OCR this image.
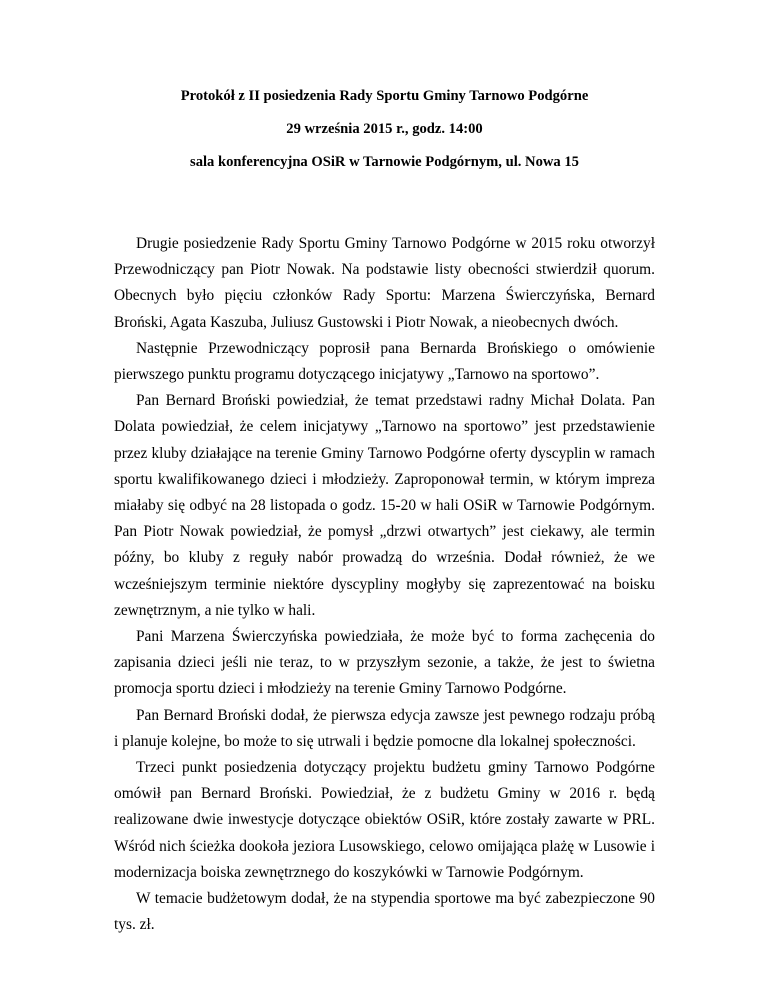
Protokół z II posiedzenia Rady Sportu Gminy Tarnowo Podgórne

29 września 2015 r., godz. 14:00

sala konferencyjna OSiR w Tarnowie Podgórnym, ul. Nowa 15

Drugie posiedzenie Rady Sportu Gminy Tarnowo Podgórne w 2015 roku otworzył Przewodniczący pan Piotr Nowak. Na podstawie listy obecności stwierdził quorum. Obecnych było pięciu członków Rady Sportu: Marzena Świerczyńska, Bernard Broński, Agata Kaszuba, Juliusz Gustowski i Piotr Nowak, a nieobecnych dwóch.

Następnie Przewodniczący poprosił pana Bernarda Brońskiego o omówienie pierwszego punktu programu dotyczącego inicjatywy „Tarnowo na sportowo”.

Pan Bernard Broński powiedział, że temat przedstawi radny Michał Dolata. Pan Dolata powiedział, że celem inicjatywy „Tarnowo na sportowo” jest przedstawienie przez kluby działające na terenie Gminy Tarnowo Podgórne oferty dyscyplin w ramach sportu kwalifikowanego dzieci i młodzieży. Zaproponował termin, w którym impreza miałaby się odbyć na 28 listopada o godz. 15-20 w hali OSiR w Tarnowie Podgórnym. Pan Piotr Nowak powiedział, że pomysł „drzwi otwartych” jest ciekawy, ale termin późny, bo kluby z reguły nabór prowadzą do września. Dodał również, że we wcześniejszym terminie niektóre dyscypliny mogłyby się zaprezentować na boisku zewnętrznym, a nie tylko w hali.

Pani Marzena Świerczyńska powiedziała, że może być to forma zachęcenia do zapisania dzieci jeśli nie teraz, to w przyszłym sezonie, a także, że jest to świetna promocja sportu dzieci i młodzieży na terenie Gminy Tarnowo Podgórne.

Pan Bernard Broński dodał, że pierwsza edycja zawsze jest pewnego rodzaju próbą i planuje kolejne, bo może to się utrwali i będzie pomocne dla lokalnej społeczności.

Trzeci punkt posiedzenia dotyczący projektu budżetu gminy Tarnowo Podgórne omówił pan Bernard Broński. Powiedział, że z budżetu Gminy w 2016 r. będą realizowane dwie inwestycje dotyczące obiektów OSiR, które zostały zawarte w PRL. Wśród nich ścieżka dookoła jeziora Lusowskiego, celowo omijająca plażę w Lusowie i modernizacja boiska zewnętrznego do koszykówki w Tarnowie Podgórnym.

W temacie budżetowym dodał, że na stypendia sportowe ma być zabezpieczone 90 tys. zł.
